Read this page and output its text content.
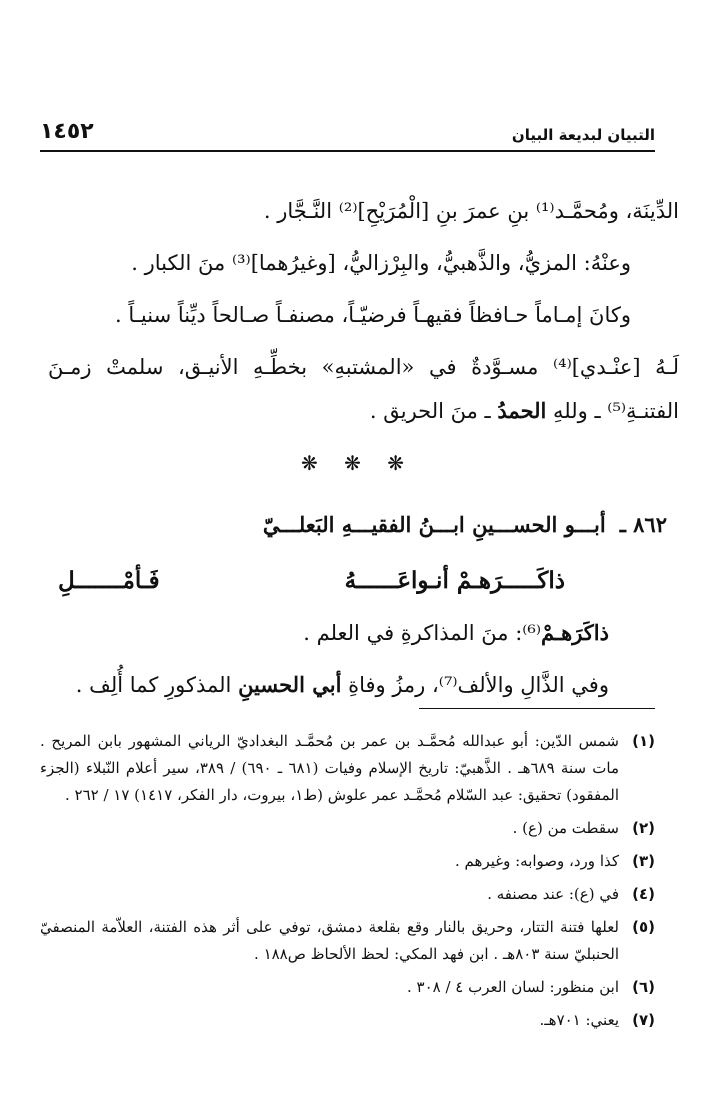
التبيان لبديعة البيان
١٤٥٢

الدِّينَة، ومُحمَّـد⁽¹⁾ بنِ عمرَ بنِ [الْمُرَيْحِ]⁽²⁾ النَّـجَّار .

وعنْهُ: المزيُّ، والذَّهبيُّ، والبِرْزاليُّ، [وغيرُهما]⁽³⁾ منَ الكبار .

وكانَ إمـاماً حـافظاً فقيهـاً فرضيّـاً، مصنفـاً صـالحاً ديِّناً سنيـاً .

لَـهُ [عنْـدي]⁽⁴⁾ مسـوَّدةٌ في «المشتبهِ» بخطِّـهِ الأنيـق، سلمتْ زمـنَ

الفتنـةِ⁽⁵⁾ ـ وللهِ الحمدُ ـ منَ الحريق .

❋ ❋ ❋
٨٦٢ ـ
أبـــو الحســـينِ ابـــنُ الفقيـــهِ البَعلـــيّ
ذاكَـــــرَهـمْ أنـواعَــــــهُ
فَـأمْـــــــلِ

ذاكَرَهـمْ⁽⁶⁾: منَ المذاكرةِ في العلم .

وفي الذَّالِ والألف⁽⁷⁾، رمزُ وفاةِ أبي الحسينِ المذكورِ كما أُلِف .

(١)
شمس الدّين: أبو عبدالله مُحمَّـد بن عمر بن مُحمَّـد البغداديّ الرياني المشهور بابن المريح . مات سنة ٦٨٩هـ . الذَّهبيّ: تاريخ الإسلام وفيات (٦٨١ ـ ٦٩٠) / ٣٨٩، سير أعلام النّبلاء (الجزء المفقود) تحقيق: عبد السّلام مُحمَّـد عمر علوش (ط١، بيروت، دار الفكر، ١٤١٧) ١٧ / ٢٦٢ .
(٢)
سقطت من (ع) .
(٣)
كذا ورد، وصوابه: وغيرهم .
(٤)
في (ع): عند مصنفه .
(٥)
لعلها فتنة التتار، وحريق بالنار وقع بقلعة دمشق، توفي على أثر هذه الفتنة، العلاّمة المنصفيّ الحنبليّ سنة ٨٠٣هـ . ابن فهد المكي: لحظ الألحاظ ص١٨٨ .
(٦)
ابن منظور: لسان العرب ٤ / ٣٠٨ .
(٧)
يعني: ٧٠١هـ.
